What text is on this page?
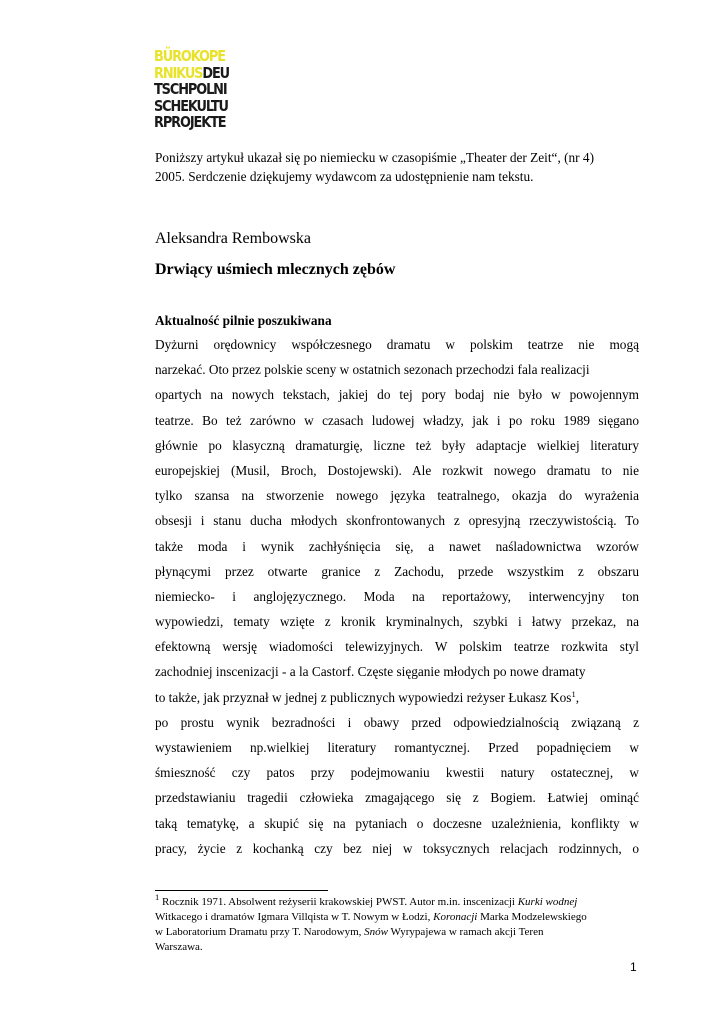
BÜROKOPE
RNIKUSDEU
TSCHPOLNI
SCHEKULTU
RPROJEKTE
Poniższy artykuł ukazał się po niemiecku w czasopiśmie „Theater der Zeit“, (nr 4)
2005. Serdczenie dziękujemy wydawcom za udostępnienie nam tekstu.
Aleksandra Rembowska
Drwiący uśmiech mlecznych zębów
Aktualność pilnie poszukiwana
Dyżurni orędownicy współczesnego dramatu w polskim teatrze nie mogą
narzekać. Oto przez polskie sceny w ostatnich sezonach przechodzi fala realizacji
opartych na nowych tekstach, jakiej do tej pory bodaj nie było w powojennym
teatrze. Bo też zarówno w czasach ludowej władzy, jak i po roku 1989 sięgano
głównie po klasyczną dramaturgię, liczne też były adaptacje wielkiej literatury
europejskiej (Musil, Broch, Dostojewski). Ale rozkwit nowego dramatu to nie
tylko szansa na stworzenie nowego języka teatralnego, okazja do wyrażenia
obsesji i stanu ducha młodych skonfrontowanych z opresyjną rzeczywistością. To
także moda i wynik zachłyśnięcia się, a nawet naśladownictwa wzorów
płynącymi przez otwarte granice z Zachodu, przede wszystkim z obszaru
niemiecko- i anglojęzycznego. Moda na reportażowy, interwencyjny ton
wypowiedzi, tematy wzięte z kronik kryminalnych, szybki i łatwy przekaz, na
efektowną wersję wiadomości telewizyjnych. W polskim teatrze rozkwita styl
zachodniej inscenizacji - a la Castorf. Częste sięganie młodych po nowe dramaty
to także, jak przyznał w jednej z publicznych wypowiedzi reżyser Łukasz Kos$^1$,
po prostu wynik bezradności i obawy przed odpowiedzialnością związaną z
wystawieniem np.wielkiej literatury romantycznej. Przed popadnięciem w
śmieszność czy patos przy podejmowaniu kwestii natury ostatecznej, w
przedstawianiu tragedii człowieka zmagającego się z Bogiem. Łatwiej ominąć
taką tematykę, a skupić się na pytaniach o doczesne uzależnienia, konflikty w
pracy, życie z kochanką czy bez niej w toksycznych relacjach rodzinnych, o
$^1$ Rocznik 1971. Absolwent reżyserii krakowskiej PWST. Autor m.in. inscenizacji Kurki wodnej
Witkacego i dramatów Igmara Villqista w T. Nowym w Łodzi, Koronacji Marka Modzelewskiego
w Laboratorium Dramatu przy T. Narodowym, Snów Wyrypajewa w ramach akcji Teren
Warszawa.
1
